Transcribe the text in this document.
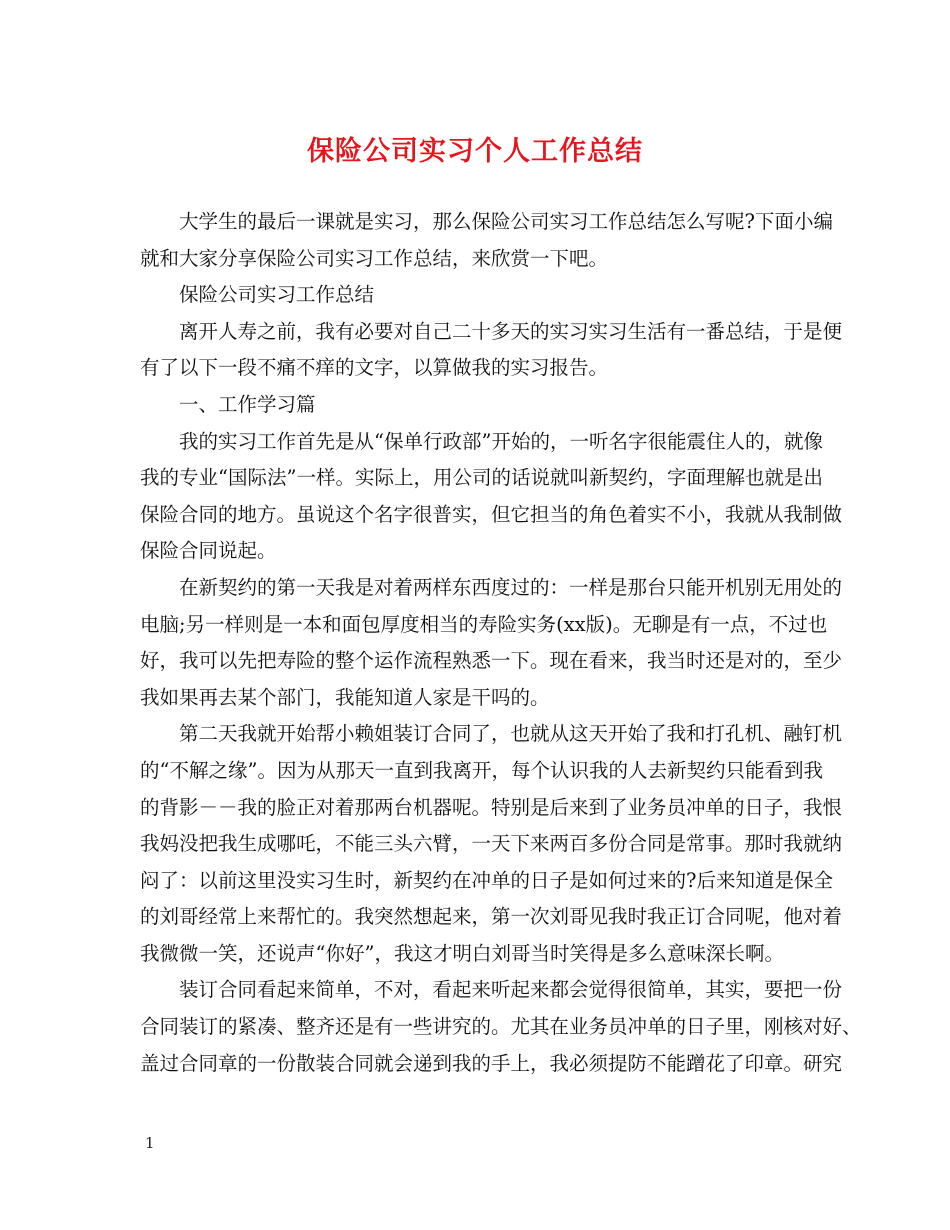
保险公司实习个人工作总结
大学生的最后一课就是实习，那么保险公司实习工作总结怎么写呢?下面小编
就和大家分享保险公司实习工作总结，来欣赏一下吧。
保险公司实习工作总结
离开人寿之前，我有必要对自己二十多天的实习实习生活有一番总结，于是便
有了以下一段不痛不痒的文字，以算做我的实习报告。
一、工作学习篇
我的实习工作首先是从“保单行政部”开始的，一听名字很能震住人的，就像
我的专业“国际法”一样。实际上，用公司的话说就叫新契约，字面理解也就是出
保险合同的地方。虽说这个名字很普实，但它担当的角色着实不小，我就从我制做
保险合同说起。
在新契约的第一天我是对着两样东西度过的：一样是那台只能开机别无用处的
电脑;另一样则是一本和面包厚度相当的寿险实务(xx版)。无聊是有一点，不过也
好，我可以先把寿险的整个运作流程熟悉一下。现在看来，我当时还是对的，至少
我如果再去某个部门，我能知道人家是干吗的。
第二天我就开始帮小赖姐装订合同了，也就从这天开始了我和打孔机、融钉机
的“不解之缘”。因为从那天一直到我离开，每个认识我的人去新契约只能看到我
的背影－－我的脸正对着那两台机器呢。特别是后来到了业务员冲单的日子，我恨
我妈没把我生成哪吒，不能三头六臂，一天下来两百多份合同是常事。那时我就纳
闷了：以前这里没实习生时，新契约在冲单的日子是如何过来的?后来知道是保全
的刘哥经常上来帮忙的。我突然想起来，第一次刘哥见我时我正订合同呢，他对着
我微微一笑，还说声“你好”，我这才明白刘哥当时笑得是多么意味深长啊。
装订合同看起来简单，不对，看起来听起来都会觉得很简单，其实，要把一份
合同装订的紧凑、整齐还是有一些讲究的。尤其在业务员冲单的日子里，刚核对好、
盖过合同章的一份散装合同就会递到我的手上，我必须提防不能蹭花了印章。研究
1
